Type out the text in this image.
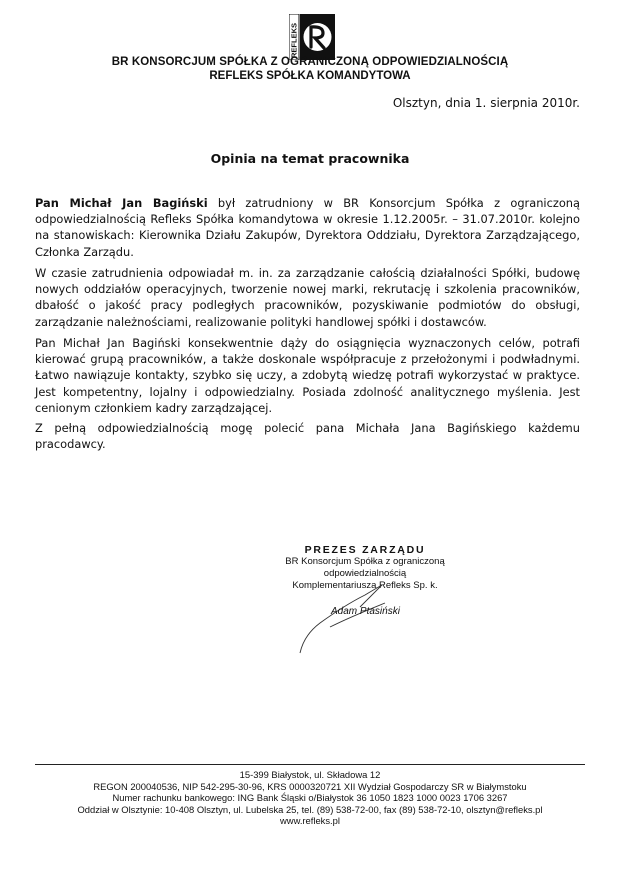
REFLEKS
BR KONSORCJUM SPÓŁKA Z OGRANICZONĄ ODPOWIEDZIALNOŚCIĄ
REFLEKS SPÓŁKA KOMANDYTOWA
Olsztyn, dnia 1. sierpnia 2010r.
Opinia na temat pracownika

Pan Michał Jan Bagiński był zatrudniony w BR Konsorcjum Spółka z ograniczoną odpowiedzialnością Refleks Spółka komandytowa w okresie 1.12.2005r. – 31.07.2010r. kolejno na stanowiskach: Kierownika Działu Zakupów, Dyrektora Oddziału, Dyrektora Zarządzającego, Członka Zarządu.

W czasie zatrudnienia odpowiadał m. in. za zarządzanie całością działalności Spółki, budowę nowych oddziałów operacyjnych, tworzenie nowej marki, rekrutację i szkolenia pracowników, dbałość o jakość pracy podległych pracowników, pozyskiwanie podmiotów do obsługi, zarządzanie należnościami, realizowanie polityki handlowej spółki i dostawców.

Pan Michał Jan Bagiński konsekwentnie dąży do osiągnięcia wyznaczonych celów, potrafi kierować grupą pracowników, a także doskonale współpracuje z przełożonymi i podwładnymi. Łatwo nawiązuje kontakty, szybko się uczy, a zdobytą wiedzę potrafi wykorzystać w praktyce. Jest kompetentny, lojalny i odpowiedzialny. Posiada zdolność analitycznego myślenia. Jest cenionym członkiem kadry zarządzającej.

Z pełną odpowiedzialnością mogę polecić pana Michała Jana Bagińskiego każdemu pracodawcy.

PREZES ZARZĄDU
BR Konsorcjum Spółka z ograniczoną odpowiedzialnością
Komplementariusza Refleks Sp. k.
Adam Ptasiński
15-399 Białystok, ul. Składowa 12
REGON 200040536, NIP 542-295-30-96, KRS 0000320721 XII Wydział Gospodarczy SR w Białymstoku
Numer rachunku bankowego: ING Bank Śląski o/Białystok 36 1050 1823 1000 0023 1706 3267
Oddział w Olsztynie: 10-408 Olsztyn, ul. Lubelska 25, tel. (89) 538-72-00, fax (89) 538-72-10, olsztyn@refleks.pl
www.refleks.pl
